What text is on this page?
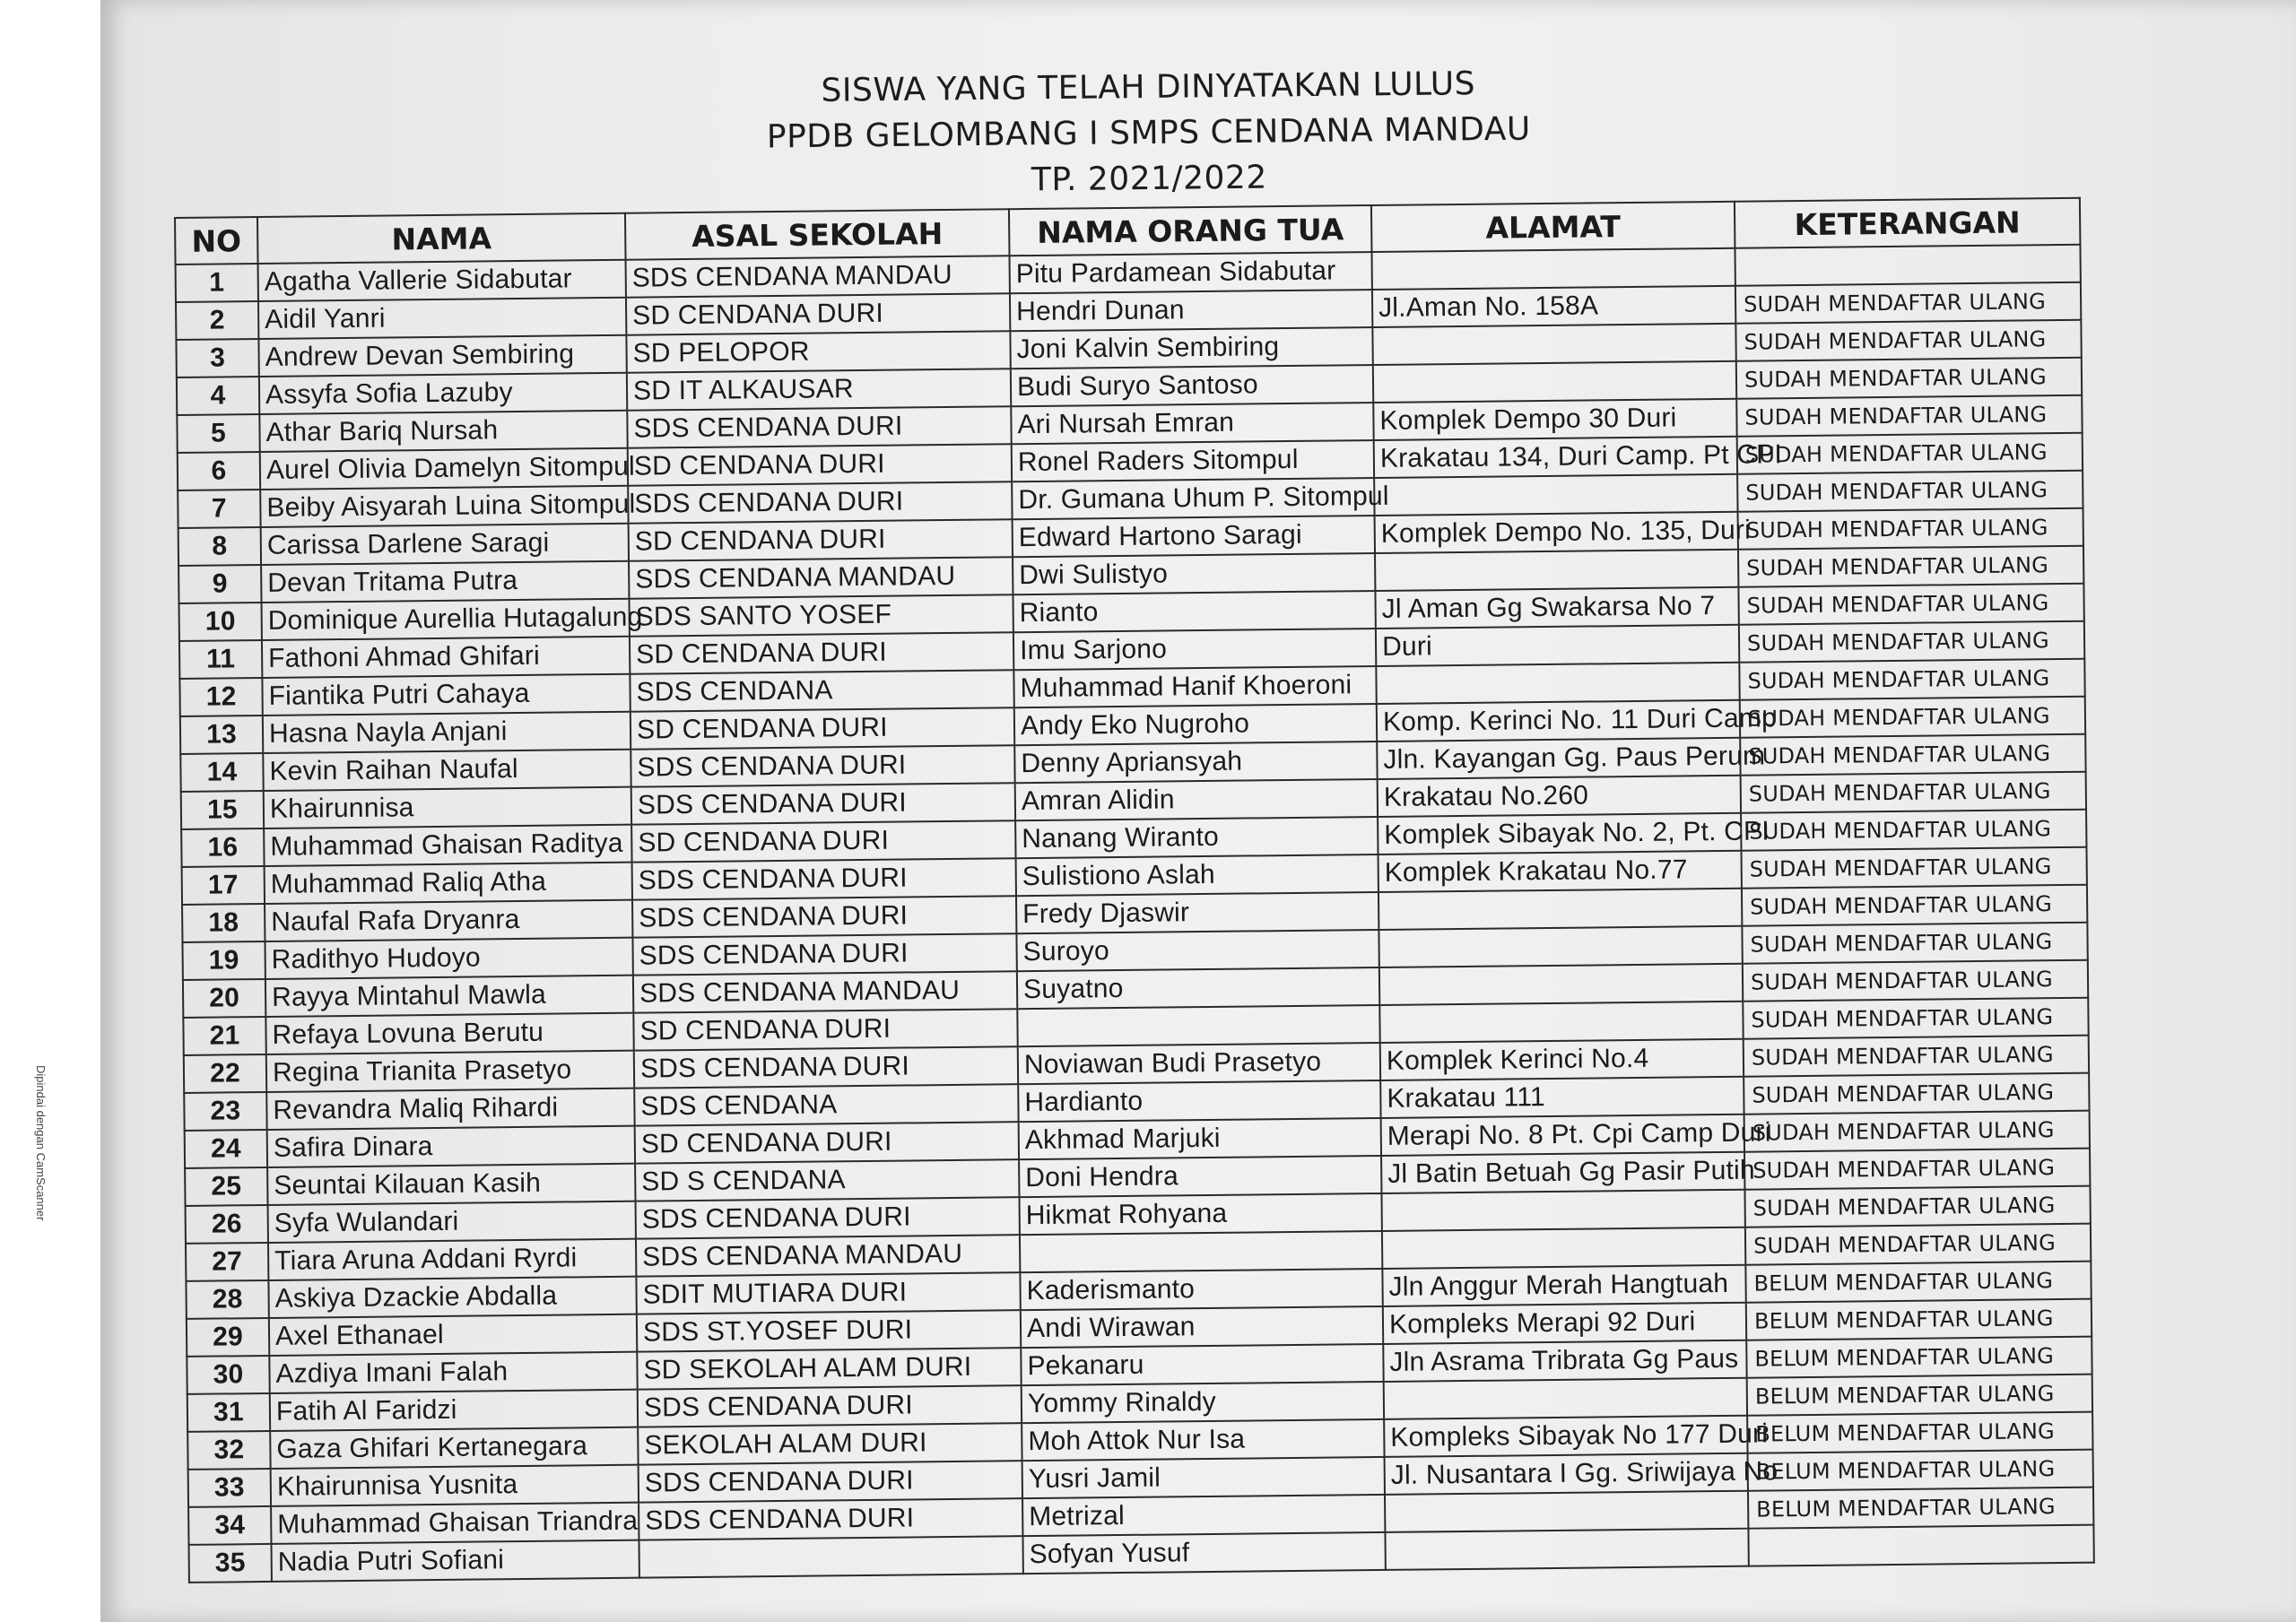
Dipindai dengan CamScanner
SISWA YANG TELAH DINYATAKAN LULUS
PPDB GELOMBANG I SMPS CENDANA MANDAU
TP. 2021/2022
NO	NAMA	ASAL SEKOLAH	NAMA ORANG TUA	ALAMAT	KETERANGAN
1	Agatha Vallerie Sidabutar	SDS CENDANA MANDAU	Pitu Pardamean Sidabutar		
2	Aidil Yanri	SD CENDANA DURI	Hendri Dunan	Jl.Aman No. 158A	SUDAH MENDAFTAR ULANG
3	Andrew Devan Sembiring	SD PELOPOR	Joni Kalvin Sembiring		SUDAH MENDAFTAR ULANG
4	Assyfa Sofia Lazuby	SD IT ALKAUSAR	Budi Suryo Santoso		SUDAH MENDAFTAR ULANG
5	Athar Bariq Nursah	SDS CENDANA DURI	Ari Nursah Emran	Komplek Dempo 30 Duri	SUDAH MENDAFTAR ULANG
6	Aurel Olivia Damelyn Sitompul	SD CENDANA DURI	Ronel Raders Sitompul	Krakatau 134, Duri Camp. Pt CPI	SUDAH MENDAFTAR ULANG
7	Beiby Aisyarah Luina Sitompul	SDS CENDANA DURI	Dr. Gumana Uhum P. Sitompul		SUDAH MENDAFTAR ULANG
8	Carissa Darlene Saragi	SD CENDANA DURI	Edward Hartono Saragi	Komplek Dempo No. 135, Duri	SUDAH MENDAFTAR ULANG
9	Devan Tritama Putra	SDS CENDANA MANDAU	Dwi Sulistyo		SUDAH MENDAFTAR ULANG
10	Dominique Aurellia Hutagalung	SDS SANTO YOSEF	Rianto	Jl Aman Gg Swakarsa No 7	SUDAH MENDAFTAR ULANG
11	Fathoni Ahmad Ghifari	SD CENDANA DURI	Imu Sarjono	Duri	SUDAH MENDAFTAR ULANG
12	Fiantika Putri Cahaya	SDS CENDANA	Muhammad Hanif Khoeroni		SUDAH MENDAFTAR ULANG
13	Hasna Nayla Anjani	SD CENDANA DURI	Andy Eko Nugroho	Komp. Kerinci No. 11 Duri Camp	SUDAH MENDAFTAR ULANG
14	Kevin Raihan Naufal	SDS CENDANA DURI	Denny Apriansyah	Jln. Kayangan Gg. Paus Perum	SUDAH MENDAFTAR ULANG
15	Khairunnisa	SDS CENDANA DURI	Amran Alidin	Krakatau No.260	SUDAH MENDAFTAR ULANG
16	Muhammad Ghaisan Raditya	SD CENDANA DURI	Nanang Wiranto	Komplek Sibayak No. 2, Pt. CPI	SUDAH MENDAFTAR ULANG
17	Muhammad Raliq Atha	SDS CENDANA DURI	Sulistiono Aslah	Komplek Krakatau No.77	SUDAH MENDAFTAR ULANG
18	Naufal Rafa Dryanra	SDS CENDANA DURI	Fredy Djaswir		SUDAH MENDAFTAR ULANG
19	Radithyo Hudoyo	SDS CENDANA DURI	Suroyo		SUDAH MENDAFTAR ULANG
20	Rayya Mintahul Mawla	SDS CENDANA MANDAU	Suyatno		SUDAH MENDAFTAR ULANG
21	Refaya Lovuna Berutu	SD CENDANA DURI			SUDAH MENDAFTAR ULANG
22	Regina Trianita Prasetyo	SDS CENDANA DURI	Noviawan Budi Prasetyo	Komplek Kerinci No.4	SUDAH MENDAFTAR ULANG
23	Revandra Maliq Rihardi	SDS CENDANA	Hardianto	Krakatau 111	SUDAH MENDAFTAR ULANG
24	Safira Dinara	SD CENDANA DURI	Akhmad Marjuki	Merapi No. 8 Pt. Cpi Camp Duri	SUDAH MENDAFTAR ULANG
25	Seuntai Kilauan Kasih	SD S CENDANA	Doni Hendra	Jl Batin Betuah Gg Pasir Putih	SUDAH MENDAFTAR ULANG
26	Syfa Wulandari	SDS CENDANA DURI	Hikmat Rohyana		SUDAH MENDAFTAR ULANG
27	Tiara Aruna Addani Ryrdi	SDS CENDANA MANDAU			SUDAH MENDAFTAR ULANG
28	Askiya Dzackie Abdalla	SDIT MUTIARA DURI	Kaderismanto	Jln Anggur Merah Hangtuah	BELUM MENDAFTAR ULANG
29	Axel Ethanael	SDS ST.YOSEF DURI	Andi Wirawan	Kompleks Merapi 92 Duri	BELUM MENDAFTAR ULANG
30	Azdiya Imani Falah	SD SEKOLAH ALAM DURI	Pekanaru	Jln Asrama Tribrata Gg Paus	BELUM MENDAFTAR ULANG
31	Fatih Al Faridzi	SDS CENDANA DURI	Yommy Rinaldy		BELUM MENDAFTAR ULANG
32	Gaza Ghifari Kertanegara	SEKOLAH ALAM DURI	Moh Attok Nur Isa	Kompleks Sibayak No 177 Duri	BELUM MENDAFTAR ULANG
33	Khairunnisa Yusnita	SDS CENDANA DURI	Yusri Jamil	Jl. Nusantara I Gg. Sriwijaya No	BELUM MENDAFTAR ULANG
34	Muhammad Ghaisan Triandra	SDS CENDANA DURI	Metrizal		BELUM MENDAFTAR ULANG
35	Nadia Putri Sofiani		Sofyan Yusuf		
